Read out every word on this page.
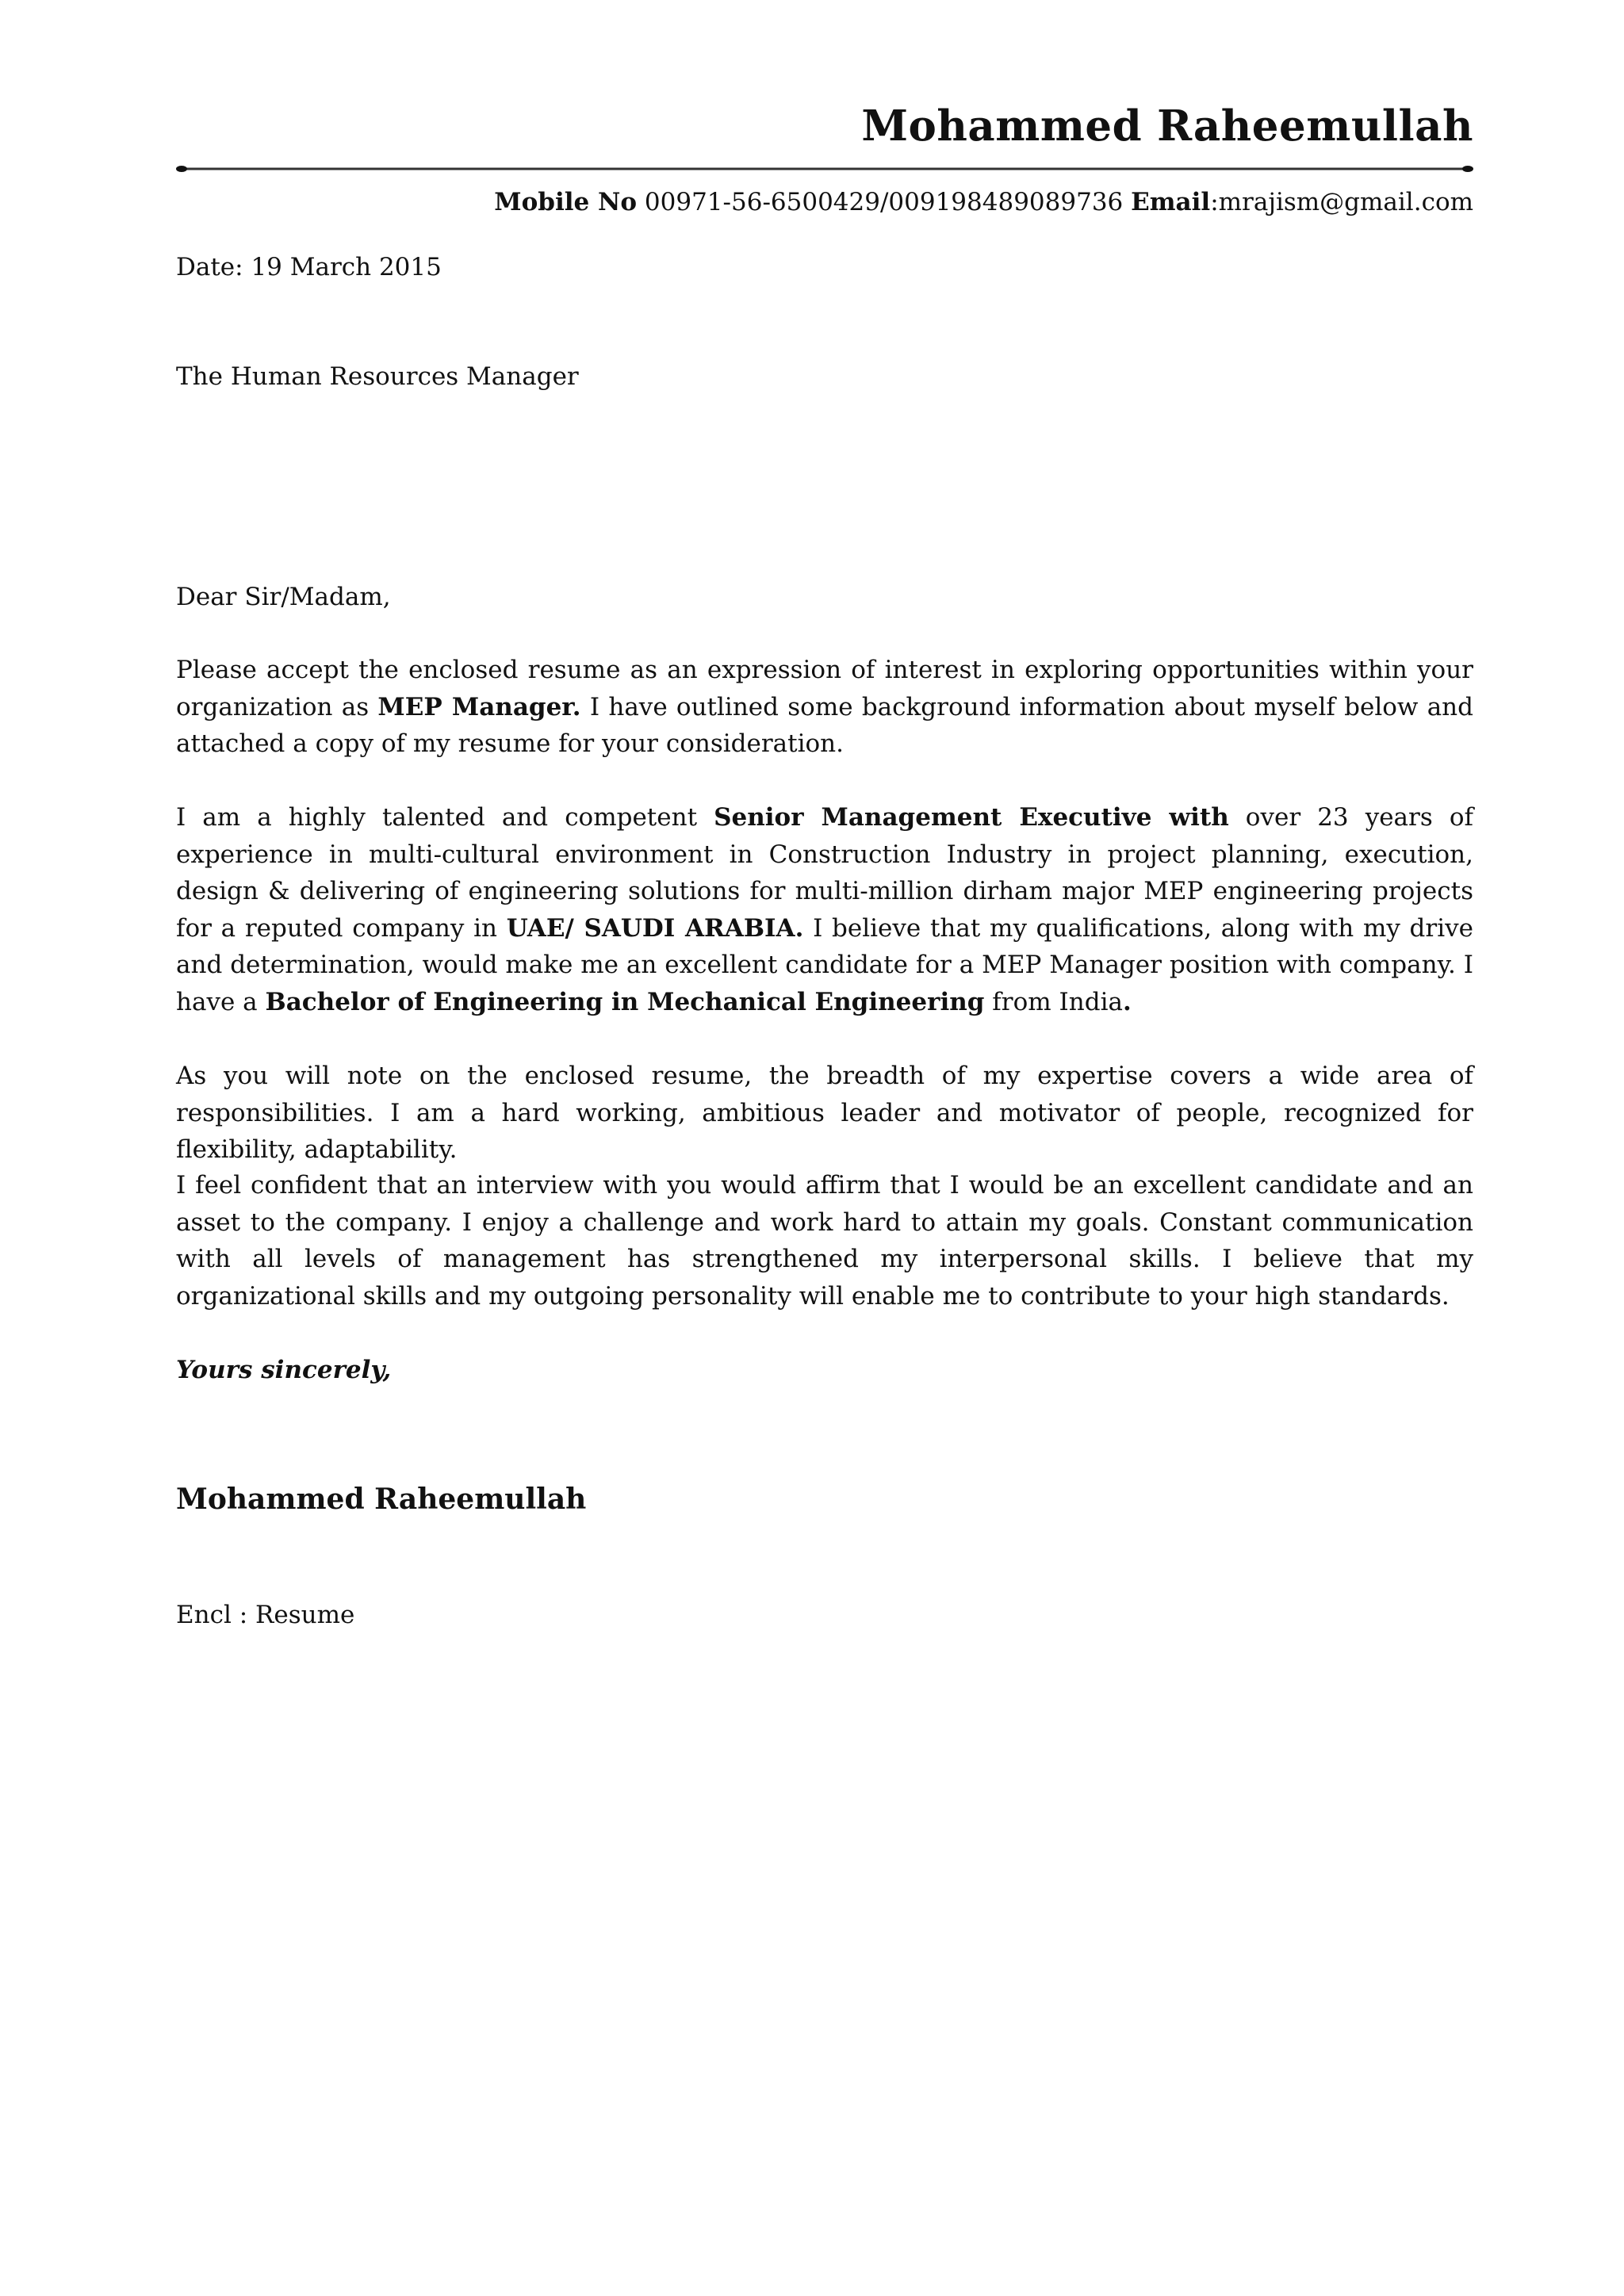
Mohammed Raheemullah
Mobile No 00971-56-6500429/009198489089736 Email:mrajism@gmail.com
Date: 19 March 2015
The Human Resources Manager
Dear Sir/Madam,
Please accept the enclosed resume as an expression of interest in exploring opportunities within your organization as MEP Manager. I have outlined some background information about myself below and attached a copy of my resume for your consideration.
I am a highly talented and competent Senior Management Executive with over 23 years of experience in multi-cultural environment in Construction Industry in project planning, execution, design & delivering of engineering solutions for multi-million dirham major MEP engineering projects for a reputed company in UAE/ SAUDI ARABIA. I believe that my qualifications, along with my drive and determination, would make me an excellent candidate for a MEP Manager position with company. I have a Bachelor of Engineering in Mechanical Engineering from India.
As you will note on the enclosed resume, the breadth of my expertise covers a wide area of responsibilities. I am a hard working, ambitious leader and motivator of people, recognized for flexibility, adaptability.
I feel confident that an interview with you would affirm that I would be an excellent candidate and an asset to the company. I enjoy a challenge and work hard to attain my goals. Constant communication with all levels of management has strengthened my interpersonal skills. I believe that my organizational skills and my outgoing personality will enable me to contribute to your high standards.
Yours sincerely,
Mohammed Raheemullah
Encl : Resume
